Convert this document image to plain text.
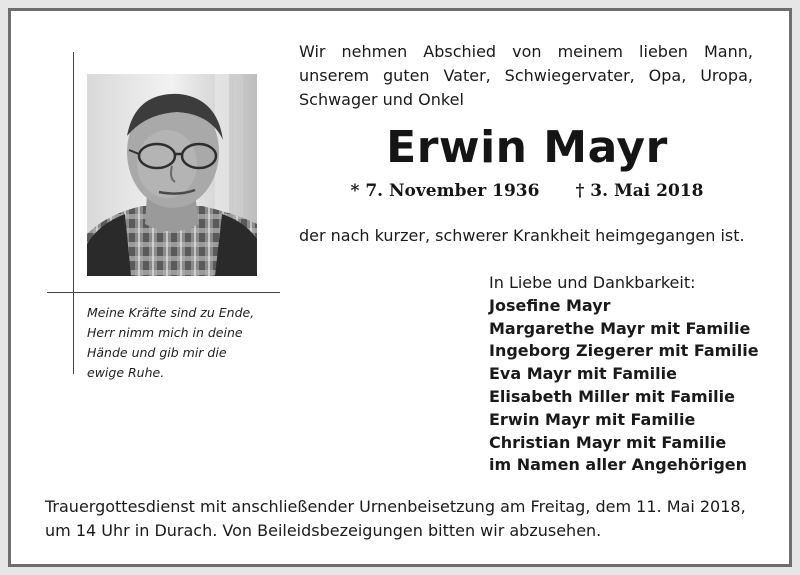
Meine Kräfte sind zu Ende,
Herr nimm mich in deine
Hände und gib mir die
ewige Ruhe.
Wir nehmen Abschied von meinem lieben Mann,
unserem guten Vater, Schwiegervater, Opa, Uropa,
Schwager und Onkel
Erwin Mayr
* 7. November 1936 † 3. Mai 2018
der nach kurzer, schwerer Krankheit heimgegangen ist.
In Liebe und Dankbarkeit:
Josefine Mayr
Margarethe Mayr mit Familie
Ingeborg Ziegerer mit Familie
Eva Mayr mit Familie
Elisabeth Miller mit Familie
Erwin Mayr mit Familie
Christian Mayr mit Familie
im Namen aller Angehörigen
Trauergottesdienst mit anschließender Urnenbeisetzung am Freitag, dem 11. Mai 2018,
um 14 Uhr in Durach. Von Beileidsbezeigungen bitten wir abzusehen.
